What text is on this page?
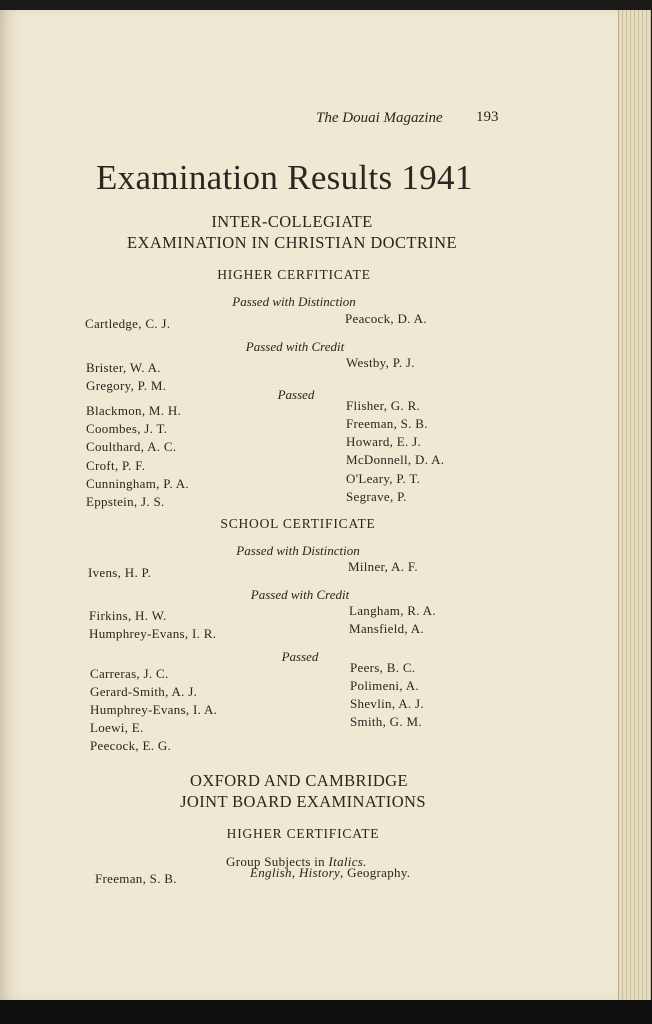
The Douai Magazine 193
Examination Results 1941
INTER-COLLEGIATE
EXAMINATION IN CHRISTIAN DOCTRINE
HIGHER CERFITICATE
Passed with Distinction
Cartledge, C. J.	Peacock, D. A.
Passed with Credit
Brister, W. A.
Gregory, P. M.
Westby, P. J.
Passed
Blackmon, M. H.
Coombes, J. T.
Coulthard, A. C.
Croft, P. F.
Cunningham, P. A.
Eppstein, J. S.
Flisher, G. R.
Freeman, S. B.
Howard, E. J.
McDonnell, D. A.
O'Leary, P. T.
Segrave, P.
SCHOOL CERTIFICATE
Passed with Distinction
Ivens, H. P.	Milner, A. F.
Passed with Credit
Firkins, H. W.
Humphrey-Evans, I. R.
Langham, R. A.
Mansfield, A.
Passed
Carreras, J. C.
Gerard-Smith, A. J.
Humphrey-Evans, I. A.
Loewi, E.
Peecock, E. G.
Peers, B. C.
Polimeni, A.
Shevlin, A. J.
Smith, G. M.
OXFORD AND CAMBRIDGE
JOINT BOARD EXAMINATIONS
HIGHER CERTIFICATE
Group Subjects in Italics.
Freeman, S. B.	English, History, Geography.
